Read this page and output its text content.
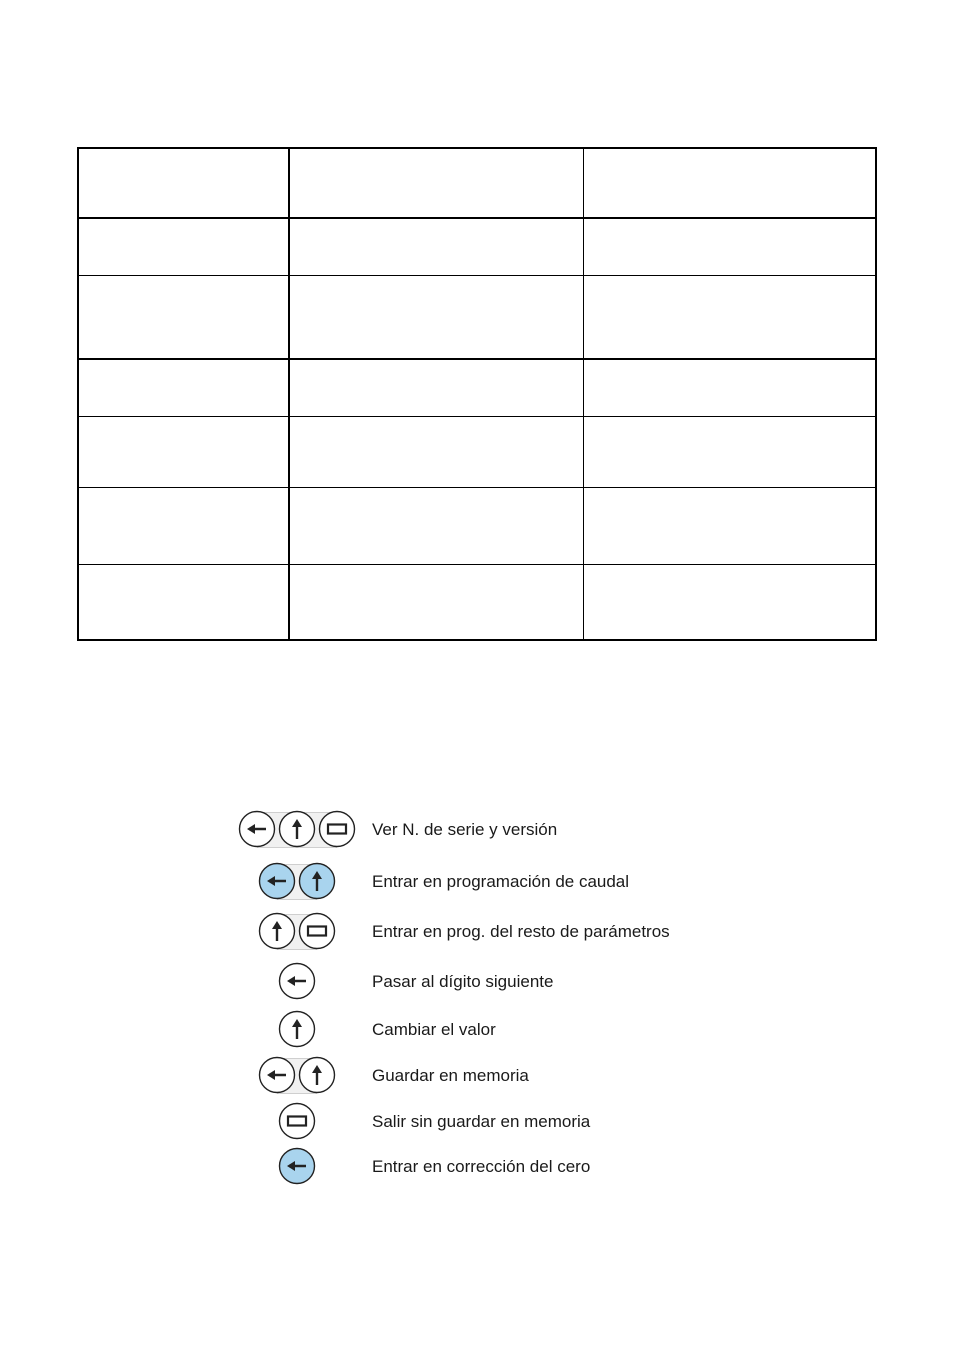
Ver N. de serie y versión
Entrar en programación de caudal
Entrar en prog. del resto de parámetros
Pasar al dígito siguiente
Cambiar el valor
Guardar en memoria
Salir sin guardar en memoria
Entrar en corrección del cero
